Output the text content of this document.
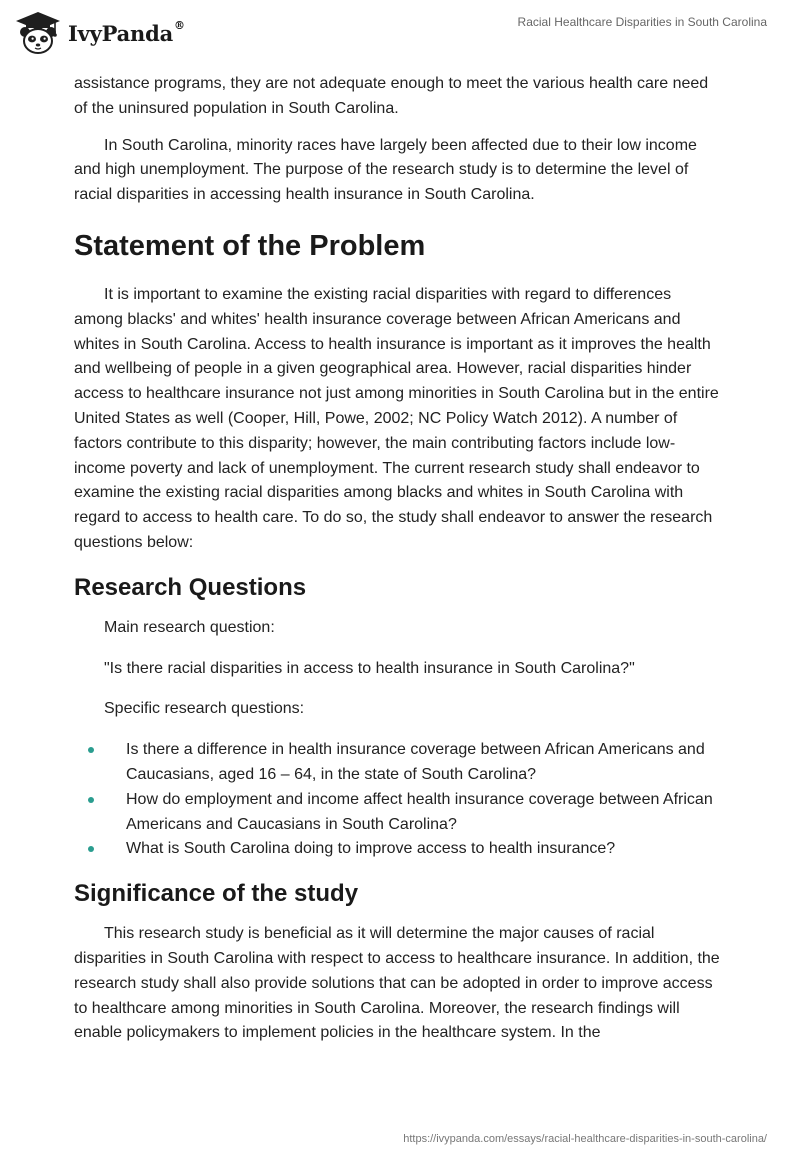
IvyPanda®	Racial Healthcare Disparities in South Carolina

assistance programs, they are not adequate enough to meet the various health care need of the uninsured population in South Carolina.

In South Carolina, minority races have largely been affected due to their low income and high unemployment. The purpose of the research study is to determine the level of racial disparities in accessing health insurance in South Carolina.

Statement of the Problem

It is important to examine the existing racial disparities with regard to differences among blacks' and whites' health insurance coverage between African Americans and whites in South Carolina. Access to health insurance is important as it improves the health and wellbeing of people in a given geographical area. However, racial disparities hinder access to healthcare insurance not just among minorities in South Carolina but in the entire United States as well (Cooper, Hill, Powe, 2002; NC Policy Watch 2012). A number of factors contribute to this disparity; however, the main contributing factors include low-income poverty and lack of unemployment. The current research study shall endeavor to examine the existing racial disparities among blacks and whites in South Carolina with regard to access to health care. To do so, the study shall endeavor to answer the research questions below:

Research Questions

Main research question:

"Is there racial disparities in access to health insurance in South Carolina?"

Specific research questions:

Is there a difference in health insurance coverage between African Americans and Caucasians, aged 16 – 64, in the state of South Carolina?
How do employment and income affect health insurance coverage between African Americans and Caucasians in South Carolina?
What is South Carolina doing to improve access to health insurance?
Significance of the study

This research study is beneficial as it will determine the major causes of racial disparities in South Carolina with respect to access to healthcare insurance. In addition, the research study shall also provide solutions that can be adopted in order to improve access to healthcare among minorities in South Carolina. Moreover, the research findings will enable policymakers to implement policies in the healthcare system. In the

https://ivypanda.com/essays/racial-healthcare-disparities-in-south-carolina/
